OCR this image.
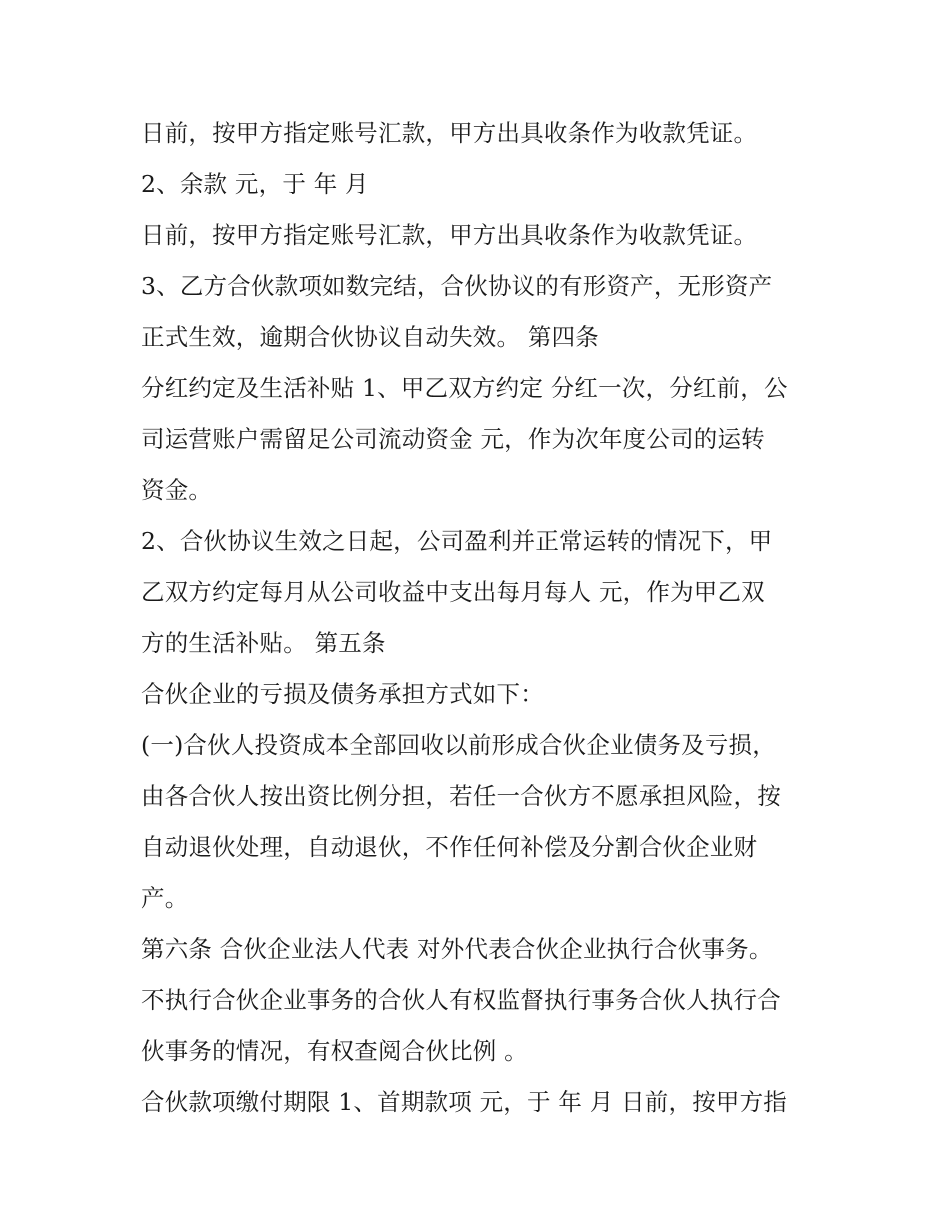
日前，按甲方指定账号汇款，甲方出具收条作为收款凭证。
2、余款 元，于 年 月
日前，按甲方指定账号汇款，甲方出具收条作为收款凭证。
3、乙方合伙款项如数完结，合伙协议的有形资产，无形资产
正式生效，逾期合伙协议自动失效。 第四条
分红约定及生活补贴 1、甲乙双方约定 分红一次，分红前，公
司运营账户需留足公司流动资金 元，作为次年度公司的运转
资金。
2、合伙协议生效之日起，公司盈利并正常运转的情况下，甲
乙双方约定每月从公司收益中支出每月每人 元，作为甲乙双
方的生活补贴。 第五条
合伙企业的亏损及债务承担方式如下：
(一)合伙人投资成本全部回收以前形成合伙企业债务及亏损，
由各合伙人按出资比例分担，若任一合伙方不愿承担风险，按
自动退伙处理，自动退伙，不作任何补偿及分割合伙企业财
产。
第六条 合伙企业法人代表 对外代表合伙企业执行合伙事务。
不执行合伙企业事务的合伙人有权监督执行事务合伙人执行合
伙事务的情况，有权查阅合伙比例 。
合伙款项缴付期限 1、首期款项 元，于 年 月 日前，按甲方指
